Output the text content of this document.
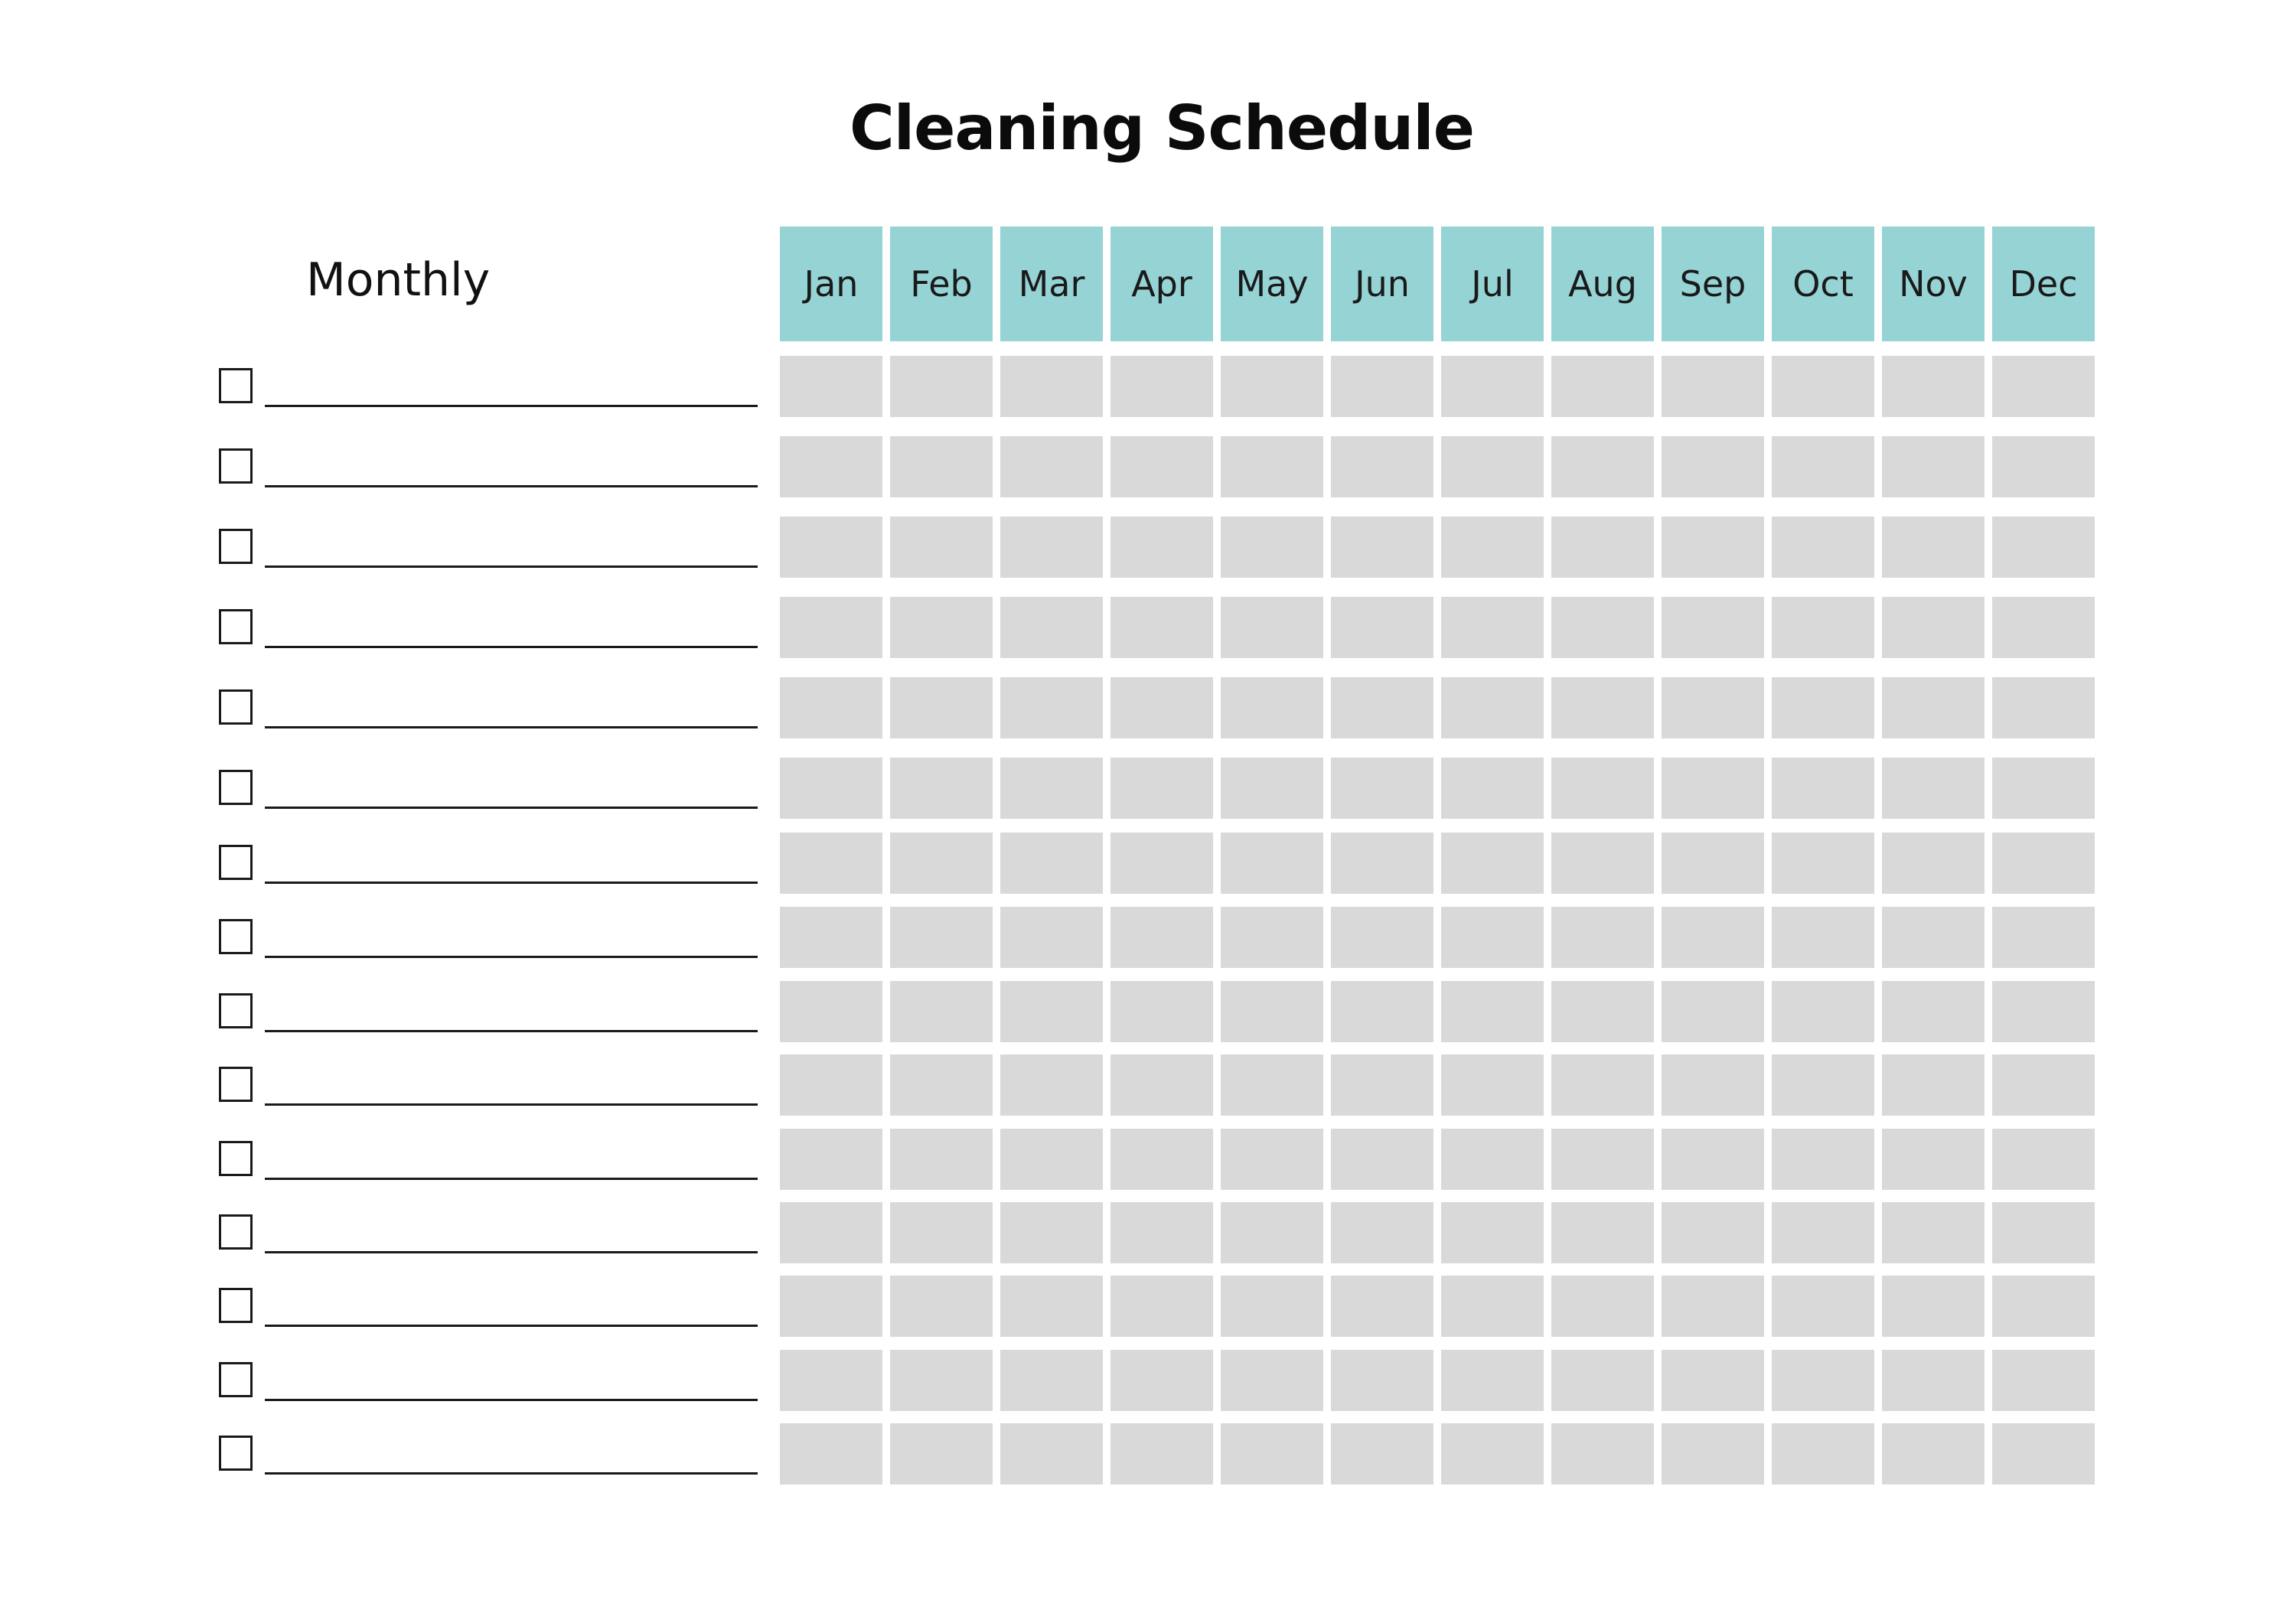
Cleaning Schedule
Monthly	Jan	Feb	Mar	Apr	May	Jun	Jul	Aug	Sep	Oct	Nov	Dec
